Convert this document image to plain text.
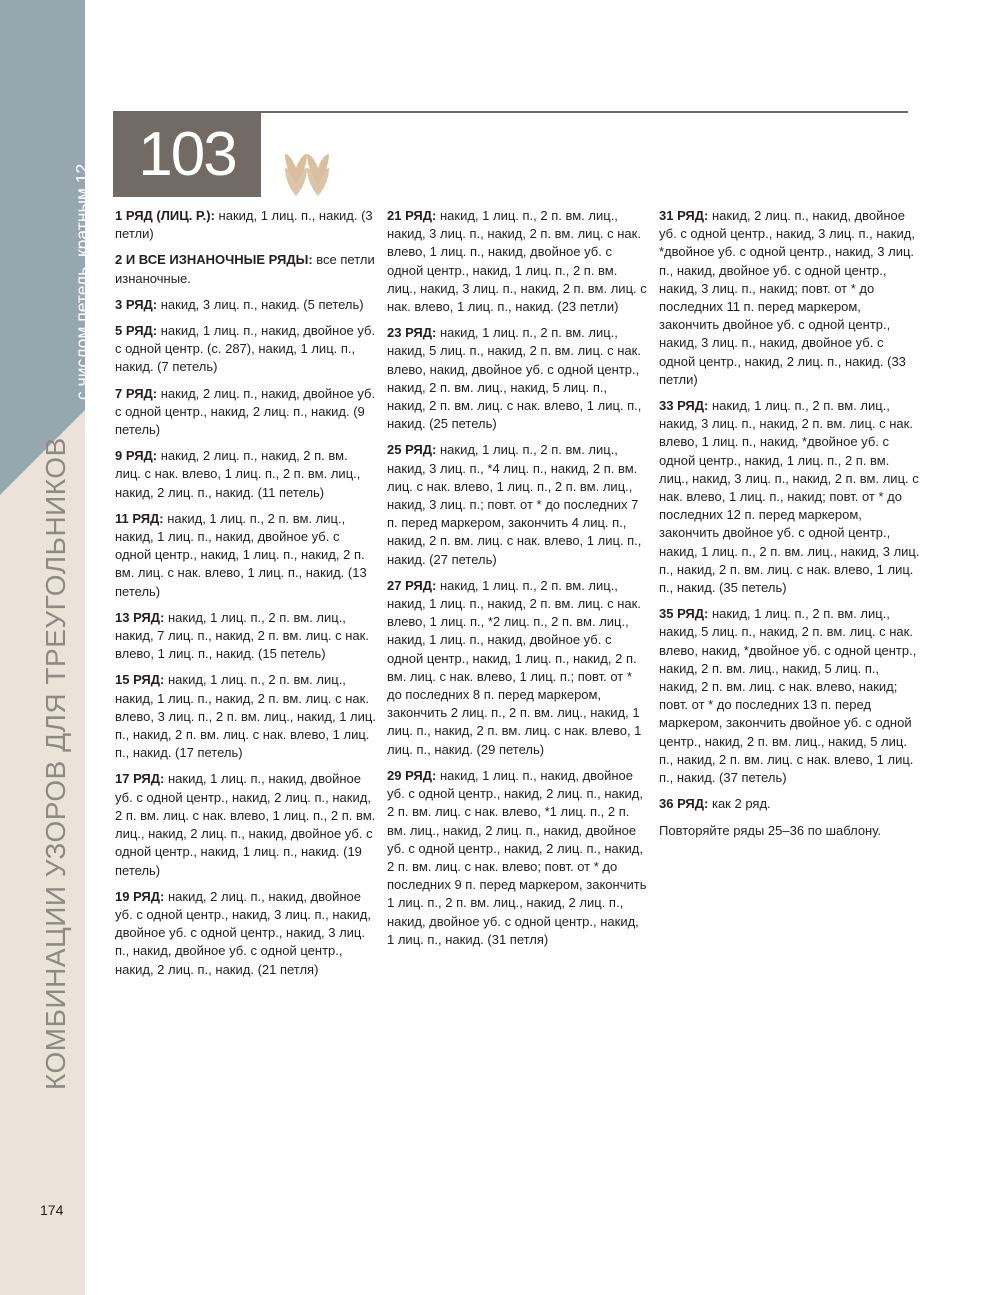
КОМБИНАЦИИ УЗОРОВ ДЛЯ ТРЕУГОЛЬНИКОВ
с числом петель, кратным 12
103

1 РЯД (ЛИЦ. Р.): накид, 1 лиц. п., накид. (3 петли)

2 И ВСЕ ИЗНАНОЧНЫЕ РЯДЫ: все петли изнаночные.

3 РЯД: накид, 3 лиц. п., накид. (5 петель)

5 РЯД: накид, 1 лиц. п., накид, двойное уб. с одной центр. (с. 287), накид, 1 лиц. п., накид. (7 петель)

7 РЯД: накид, 2 лиц. п., накид, двойное уб. с одной центр., накид, 2 лиц. п., накид. (9 петель)

9 РЯД: накид, 2 лиц. п., накид, 2 п. вм. лиц. с нак. влево, 1 лиц. п., 2 п. вм. лиц., накид, 2 лиц. п., накид. (11 петель)

11 РЯД: накид, 1 лиц. п., 2 п. вм. лиц., накид, 1 лиц. п., накид, двойное уб. с одной центр., накид, 1 лиц. п., накид, 2 п. вм. лиц. с нак. влево, 1 лиц. п., накид. (13 петель)

13 РЯД: накид, 1 лиц. п., 2 п. вм. лиц., накид, 7 лиц. п., накид, 2 п. вм. лиц. с нак. влево, 1 лиц. п., накид. (15 петель)

15 РЯД: накид, 1 лиц. п., 2 п. вм. лиц., накид, 1 лиц. п., накид, 2 п. вм. лиц. с нак. влево, 3 лиц. п., 2 п. вм. лиц., накид, 1 лиц. п., накид, 2 п. вм. лиц. с нак. влево, 1 лиц. п., накид. (17 петель)

17 РЯД: накид, 1 лиц. п., накид, двойное уб. с одной центр., накид, 2 лиц. п., накид, 2 п. вм. лиц. с нак. влево, 1 лиц. п., 2 п. вм. лиц., накид, 2 лиц. п., накид, двойное уб. с одной центр., накид, 1 лиц. п., накид. (19 петель)

19 РЯД: накид, 2 лиц. п., накид, двойное уб. с одной центр., накид, 3 лиц. п., накид, двойное уб. с одной центр., накид, 3 лиц. п., накид, двойное уб. с одной центр., накид, 2 лиц. п., накид. (21 петля)

21 РЯД: накид, 1 лиц. п., 2 п. вм. лиц., накид, 3 лиц. п., накид, 2 п. вм. лиц. с нак. влево, 1 лиц. п., накид, двойное уб. с одной центр., накид, 1 лиц. п., 2 п. вм. лиц., накид, 3 лиц. п., накид, 2 п. вм. лиц. с нак. влево, 1 лиц. п., накид. (23 петли)

23 РЯД: накид, 1 лиц. п., 2 п. вм. лиц., накид, 5 лиц. п., накид, 2 п. вм. лиц. с нак. влево, накид, двойное уб. с одной центр., накид, 2 п. вм. лиц., накид, 5 лиц. п., накид, 2 п. вм. лиц. с нак. влево, 1 лиц. п., накид. (25 петель)

25 РЯД: накид, 1 лиц. п., 2 п. вм. лиц., накид, 3 лиц. п., *4 лиц. п., накид, 2 п. вм. лиц. с нак. влево, 1 лиц. п., 2 п. вм. лиц., накид, 3 лиц. п.; повт. от * до последних 7 п. перед маркером, закончить 4 лиц. п., накид, 2 п. вм. лиц. с нак. влево, 1 лиц. п., накид. (27 петель)

27 РЯД: накид, 1 лиц. п., 2 п. вм. лиц., накид, 1 лиц. п., накид, 2 п. вм. лиц. с нак. влево, 1 лиц. п., *2 лиц. п., 2 п. вм. лиц., накид, 1 лиц. п., накид, двойное уб. с одной центр., накид, 1 лиц. п., накид, 2 п. вм. лиц. с нак. влево, 1 лиц. п.; повт. от * до последних 8 п. перед маркером, закончить 2 лиц. п., 2 п. вм. лиц., накид, 1 лиц. п., накид, 2 п. вм. лиц. с нак. влево, 1 лиц. п., накид. (29 петель)

29 РЯД: накид, 1 лиц. п., накид, двойное уб. с одной центр., накид, 2 лиц. п., накид, 2 п. вм. лиц. с нак. влево, *1 лиц. п., 2 п. вм. лиц., накид, 2 лиц. п., накид, двойное уб. с одной центр., накид, 2 лиц. п., накид, 2 п. вм. лиц. с нак. влево; повт. от * до последних 9 п. перед маркером, закончить 1 лиц. п., 2 п. вм. лиц., накид, 2 лиц. п., накид, двойное уб. с одной центр., накид, 1 лиц. п., накид. (31 петля)

31 РЯД: накид, 2 лиц. п., накид, двойное уб. с одной центр., накид, 3 лиц. п., накид, *двойное уб. с одной центр., накид, 3 лиц. п., накид, двойное уб. с одной центр., накид, 3 лиц. п., накид; повт. от * до последних 11 п. перед маркером, закончить двойное уб. с одной центр., накид, 3 лиц. п., накид, двойное уб. с одной центр., накид, 2 лиц. п., накид. (33 петли)

33 РЯД: накид, 1 лиц. п., 2 п. вм. лиц., накид, 3 лиц. п., накид, 2 п. вм. лиц. с нак. влево, 1 лиц. п., накид, *двойное уб. с одной центр., накид, 1 лиц. п., 2 п. вм. лиц., накид, 3 лиц. п., накид, 2 п. вм. лиц. с нак. влево, 1 лиц. п., накид; повт. от * до последних 12 п. перед маркером, закончить двойное уб. с одной центр., накид, 1 лиц. п., 2 п. вм. лиц., накид, 3 лиц. п., накид, 2 п. вм. лиц. с нак. влево, 1 лиц. п., накид. (35 петель)

35 РЯД: накид, 1 лиц. п., 2 п. вм. лиц., накид, 5 лиц. п., накид, 2 п. вм. лиц. с нак. влево, накид, *двойное уб. с одной центр., накид, 2 п. вм. лиц., накид, 5 лиц. п., накид, 2 п. вм. лиц. с нак. влево, накид; повт. от * до последних 13 п. перед маркером, закончить двойное уб. с одной центр., накид, 2 п. вм. лиц., накид, 5 лиц. п., накид, 2 п. вм. лиц. с нак. влево, 1 лиц. п., накид. (37 петель)

36 РЯД: как 2 ряд.

Повторяйте ряды 25–36 по шаблону.

174
